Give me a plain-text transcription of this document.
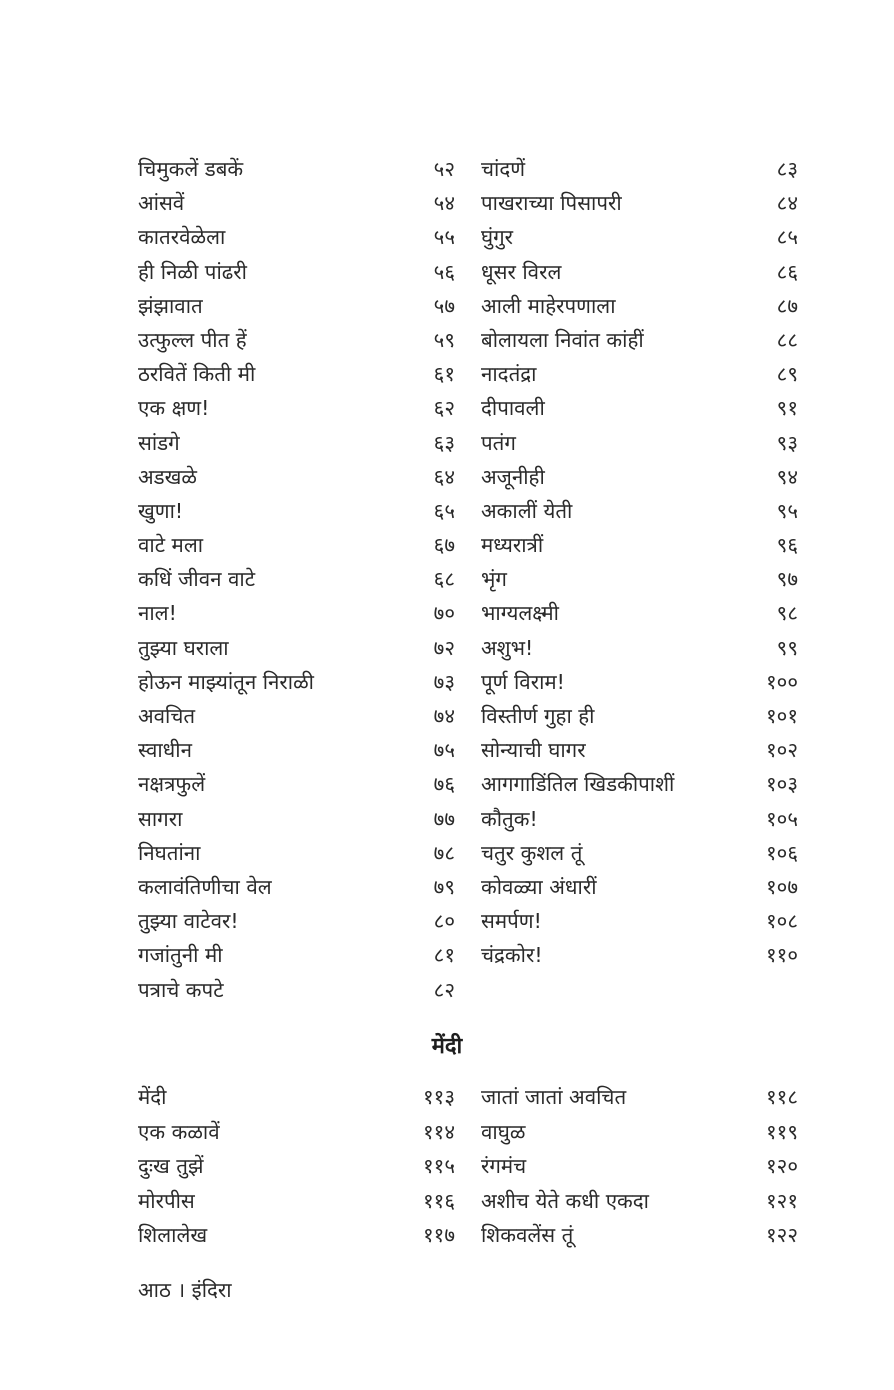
चिमुकलें डबकें	५२ चांदणें	८३
आंसवें	५४ पाखराच्या पिसापरी	८४
कातरवेळेला	५५ घुंगुर	८५
ही निळी पांढरी	५६ धूसर विरल	८६
झंझावात	५७ आली माहेरपणाला	८७
उत्फुल्ल पीत हें	५९ बोलायला निवांत कांहीं	८८
ठरवितें किती मी	६१ नादतंद्रा	८९
एक क्षण!	६२ दीपावली	९१
सांडगे	६३ पतंग	९३
अडखळे	६४ अजूनीही	९४
खुणा!	६५ अकालीं येती	९५
वाटे मला	६७ मध्यरात्रीं	९६
कधिं जीवन वाटे	६८ भृंग	९७
नाल!	७० भाग्यलक्ष्मी	९८
तुझ्या घराला	७२ अशुभ!	९९
होऊन माझ्यांतून निराळी	७३ पूर्ण विराम!	१००
अवचित	७४ विस्तीर्ण गुहा ही	१०१
स्वाधीन	७५ सोन्याची घागर	१०२
नक्षत्रफुलें	७६ आगगाडिंतिल खिडकीपाशीं	१०३
सागरा	७७ कौतुक!	१०५
निघतांना	७८ चतुर कुशल तूं	१०६
कलावंतिणीचा वेल	७९ कोवळ्या अंधारीं	१०७
तुझ्या वाटेवर!	८० समर्पण!	१०८
गजांतुनी मी	८१ चंद्रकोर!	११०
पत्राचे कपटे	८२
मेंदी
मेंदी	११३ जातां जातां अवचित	११८
एक कळावें	११४ वाघुळ	११९
दुःख तुझें	११५ रंगमंच	१२०
मोरपीस	११६ अशीच येते कधी एकदा	१२१
शिलालेख	११७ शिकवलेंस तूं	१२२
आठ । इंदिरा
